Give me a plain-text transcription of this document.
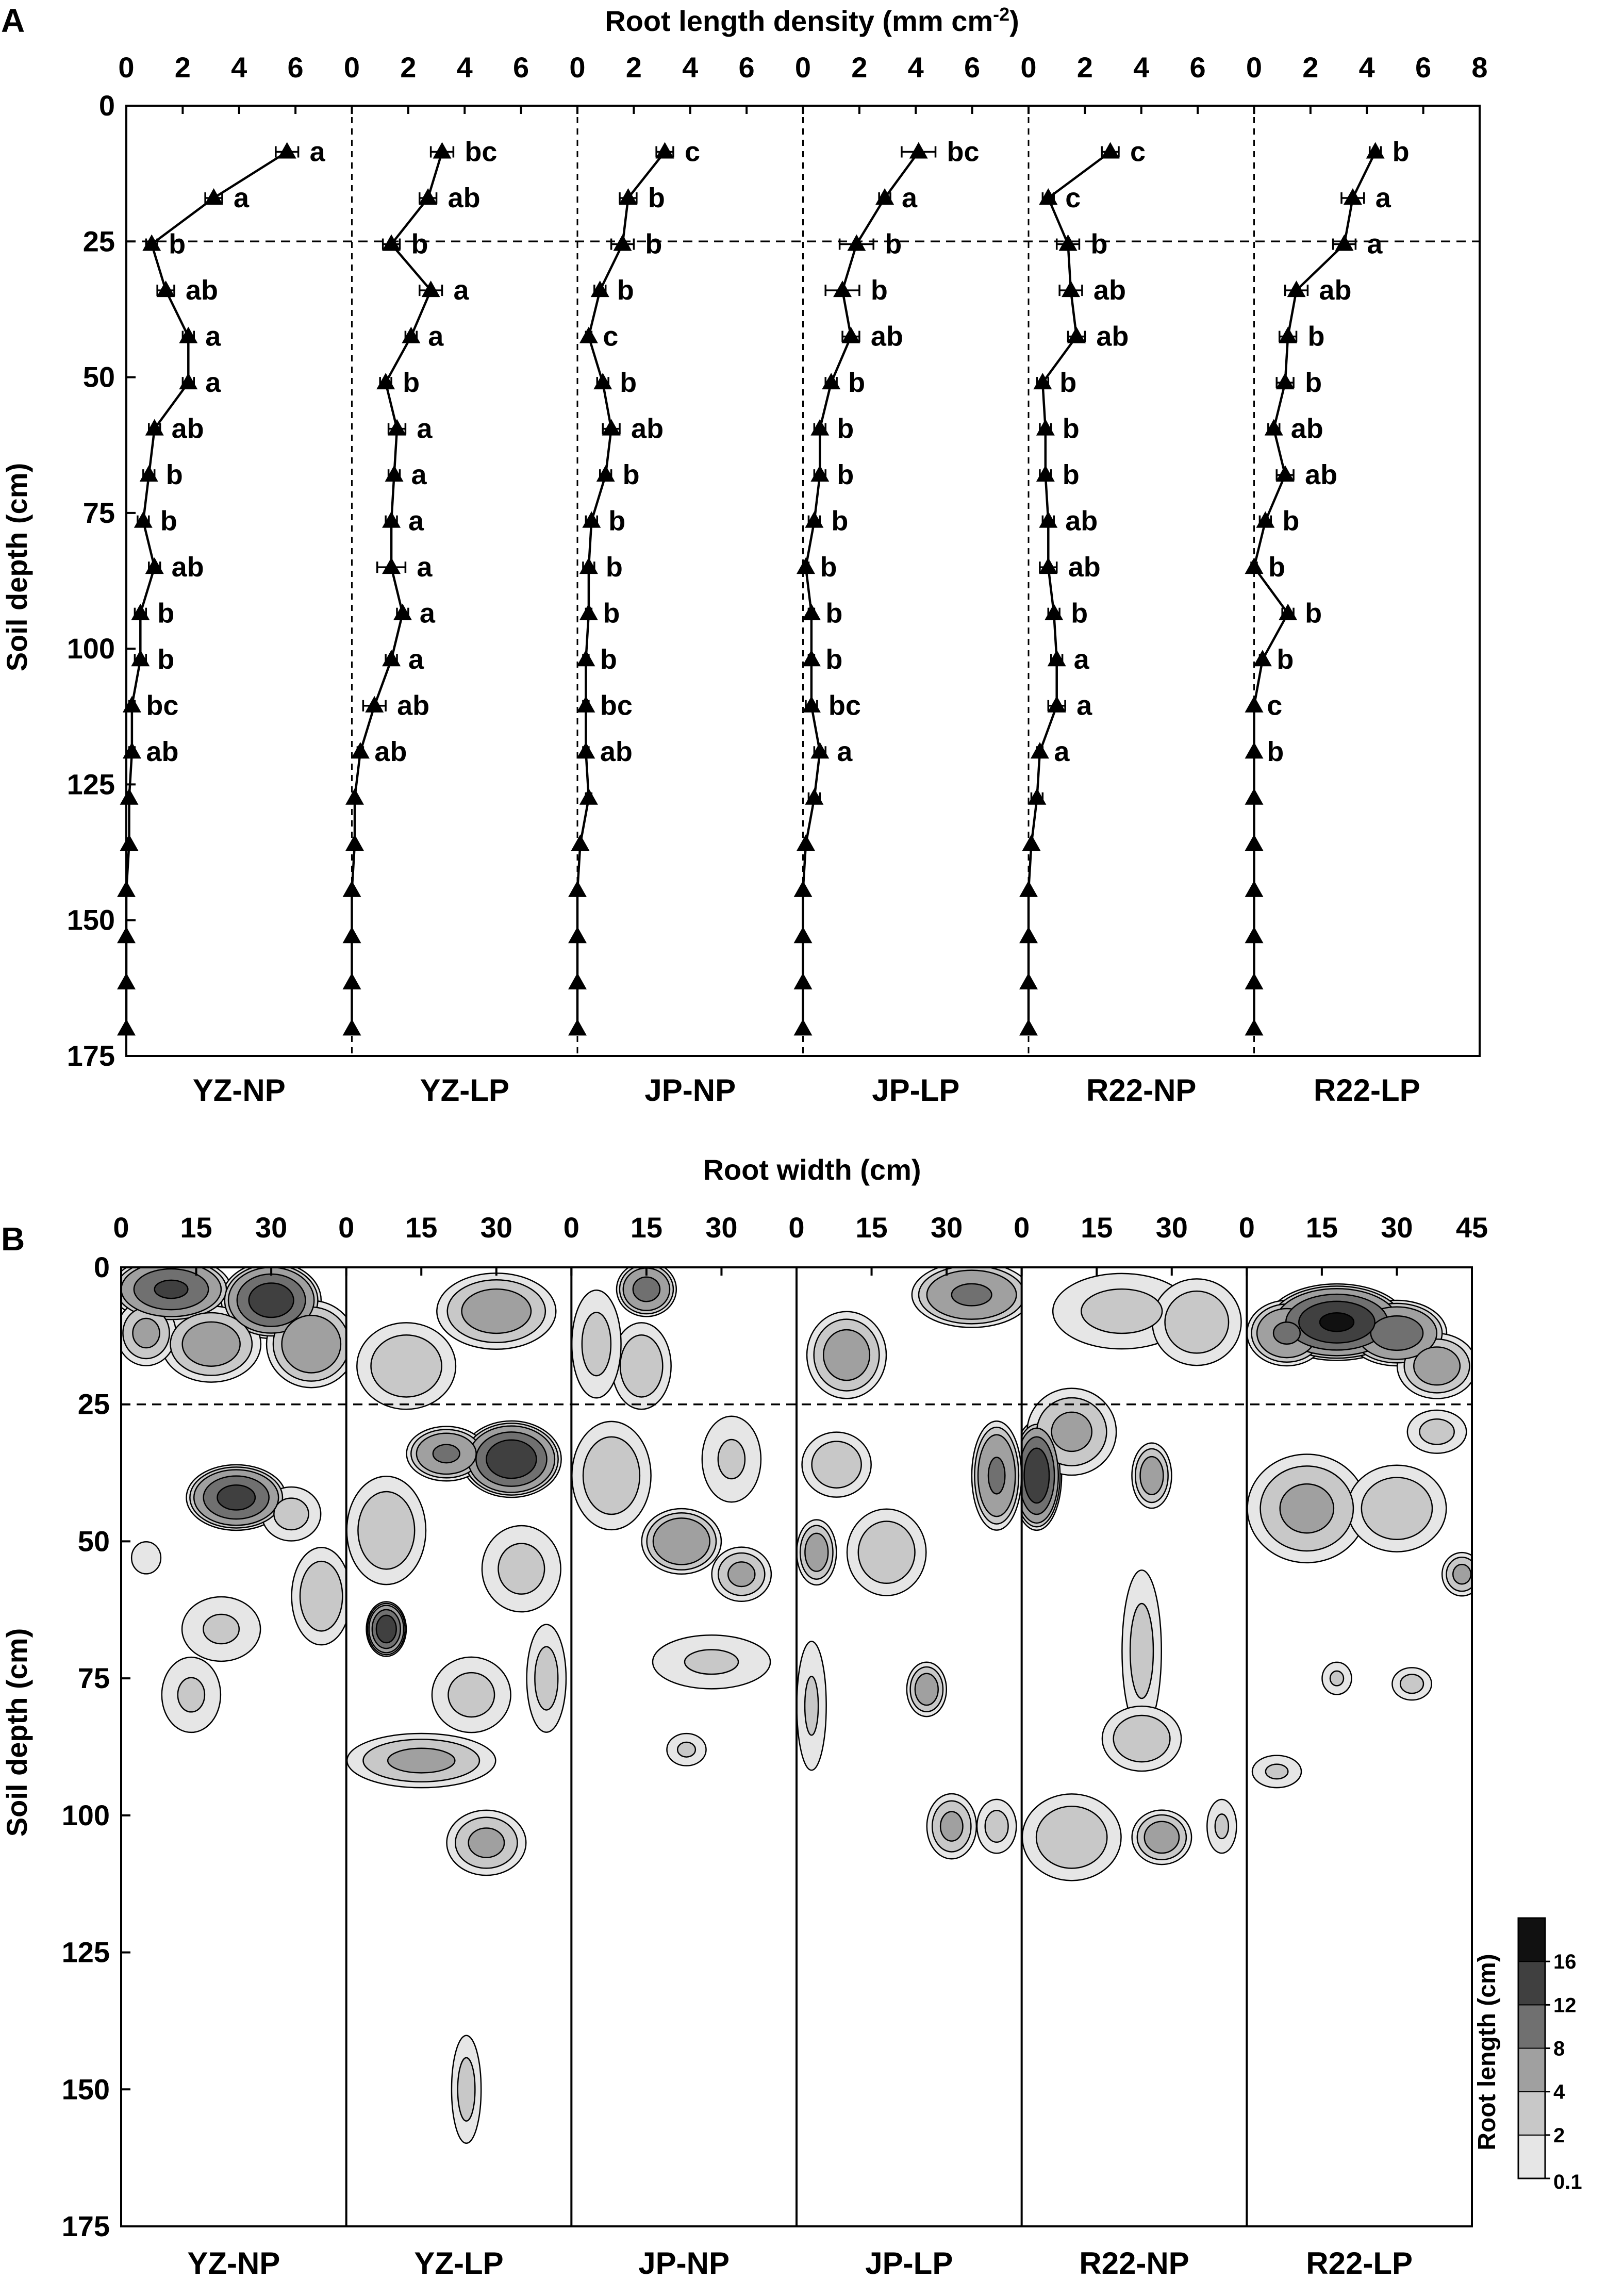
A	Root length density (mm $cm^{-2}$)
Soil depth (cm)
0
25
50
75
100
125
150
175
0 2 4 6
a
a
b
ab
a
a
ab
b
b
ab
b
b
bc
ab
YZ-NP
0 2 4 6
bc
ab
b
a
a
b
a
a
a
a
a
a
ab
ab
YZ-LP
0 2 4 6
c
b
b
b
c
b
ab
b
b
b
b
b
bc
ab
JP-NP
0 2 4 6
bc
a
b
b
ab
b
b
b
b
b
b
b
bc
a
JP-LP
0 2 4 6
c
c
b
ab
ab
b
b
b
ab
ab
b
a
a
a
R22-NP
0 2 4 6 8
b
a
a
ab
b
b
ab
ab
b
b
b
b
c
b
R22-LP
B
Root width (cm)
Soil depth (cm)
0 15 30
YZ-NP
0 15 30
YZ-LP
0 15 30
JP-NP
0 15 30
JP-LP
0 15 30
R22-NP
0 15 30 45
R22-LP
0
25
50
75
100
125
150
175
Root length (cm)
0.1
2
4
8
12
16
